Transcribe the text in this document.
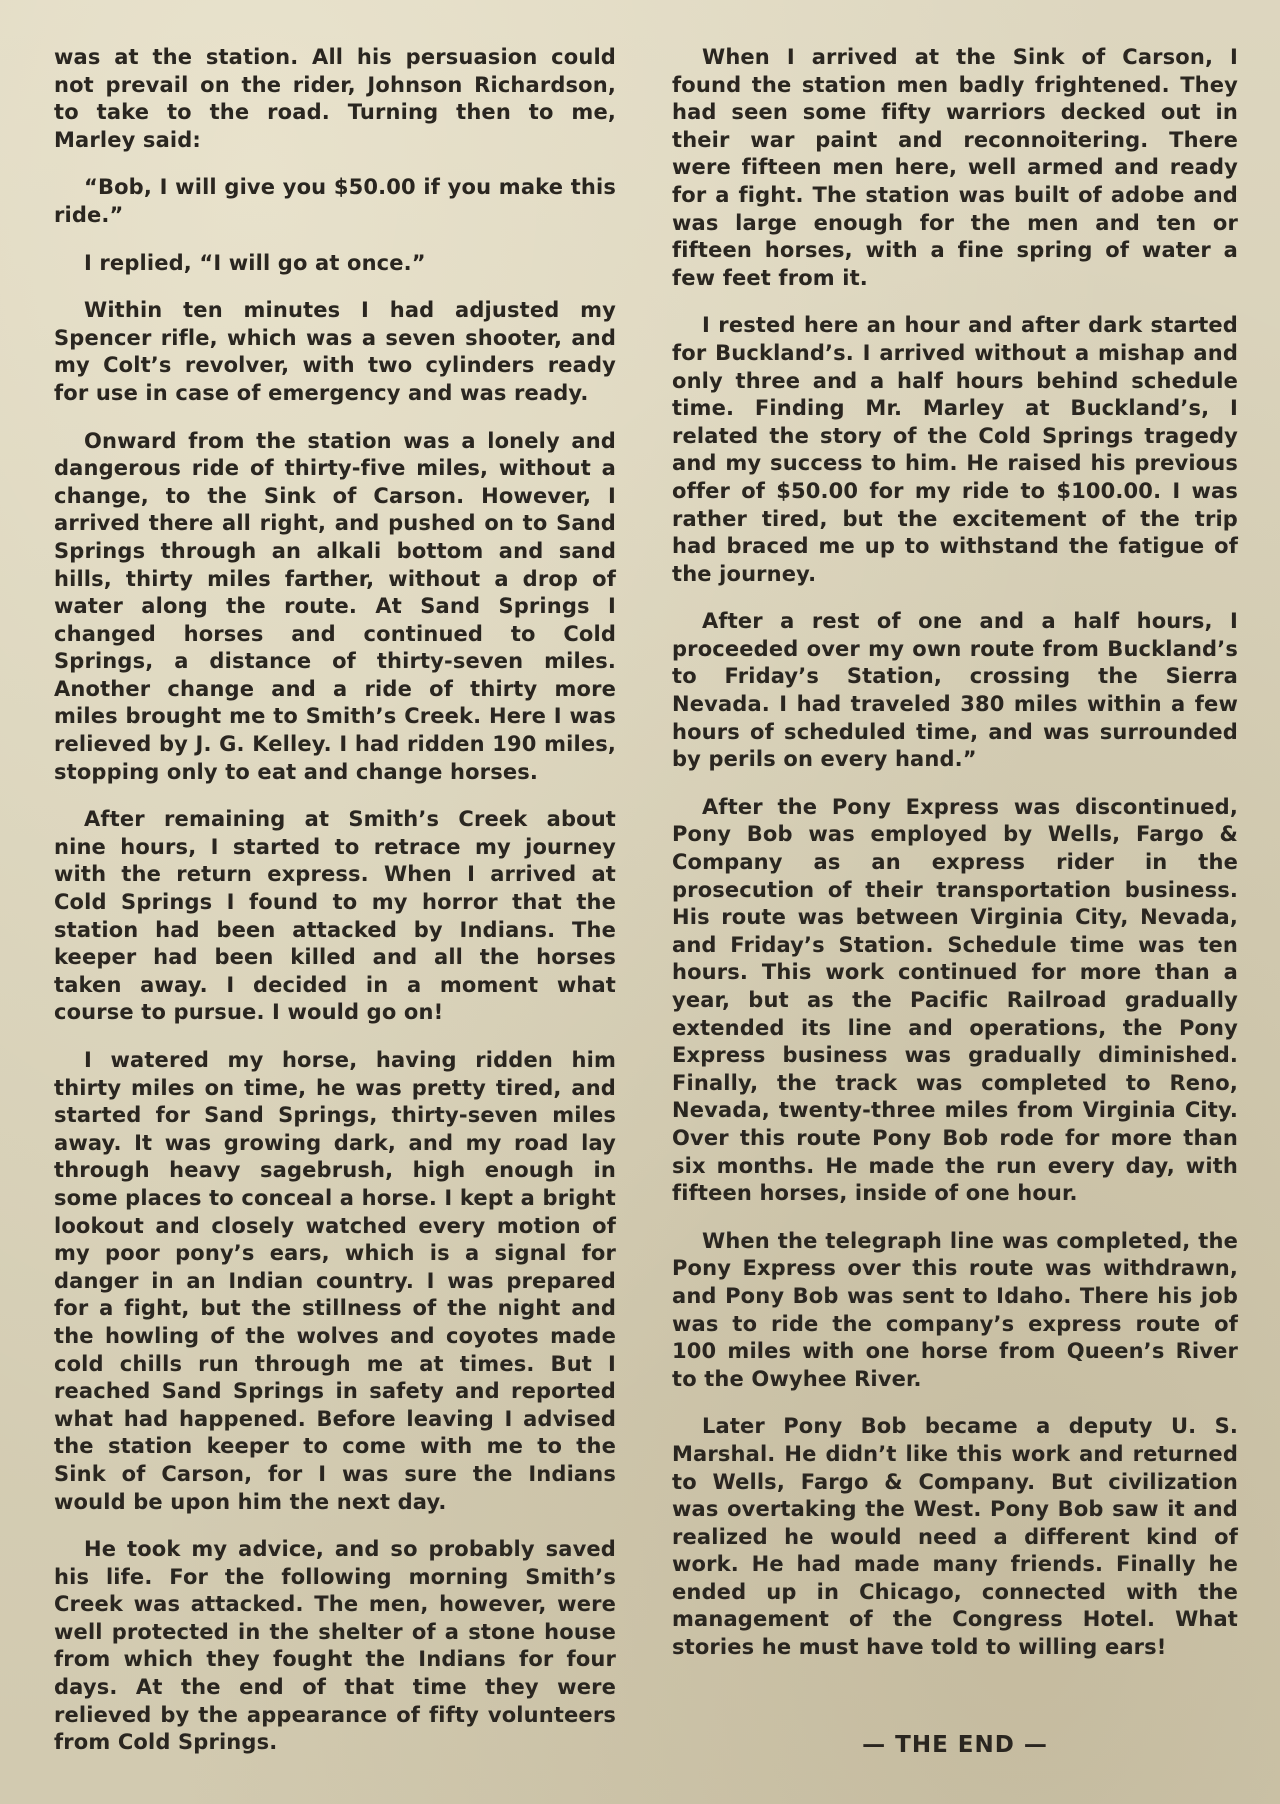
was at the station. All his persuasion could not prevail on the rider, Johnson Richardson, to take to the road. Turning then to me, Marley said:

“Bob, I will give you $50.00 if you make this ride.”

I replied, “I will go at once.”

Within ten minutes I had adjusted my Spencer rifle, which was a seven shooter, and my Colt’s revolver, with two cylinders ready for use in case of emergency and was ready.

Onward from the station was a lonely and dangerous ride of thirty-five miles, without a change, to the Sink of Carson. However, I arrived there all right, and pushed on to Sand Springs through an alkali bottom and sand hills, thirty miles farther, without a drop of water along the route. At Sand Springs I changed horses and continued to Cold Springs, a distance of thirty-seven miles. Another change and a ride of thirty more miles brought me to Smith’s Creek. Here I was relieved by J. G. Kelley. I had ridden 190 miles, stopping only to eat and change horses.

After remaining at Smith’s Creek about nine hours, I started to retrace my journey with the return express. When I arrived at Cold Springs I found to my horror that the station had been attacked by Indians. The keeper had been killed and all the horses taken away. I decided in a moment what course to pursue. I would go on!

I watered my horse, having ridden him thirty miles on time, he was pretty tired, and started for Sand Springs, thirty-seven miles away. It was growing dark, and my road lay through heavy sagebrush, high enough in some places to conceal a horse. I kept a bright lookout and closely watched every motion of my poor pony’s ears, which is a signal for danger in an Indian country. I was prepared for a fight, but the stillness of the night and the howling of the wolves and coyotes made cold chills run through me at times. But I reached Sand Springs in safety and reported what had happened. Before leaving I advised the station keeper to come with me to the Sink of Carson, for I was sure the Indians would be upon him the next day.

He took my advice, and so probably saved his life. For the following morning Smith’s Creek was attacked. The men, however, were well protected in the shelter of a stone house from which they fought the Indians for four days. At the end of that time they were relieved by the appearance of fifty volunteers from Cold Springs.

When I arrived at the Sink of Carson, I found the station men badly frightened. They had seen some fifty warriors decked out in their war paint and reconnoitering. There were fifteen men here, well armed and ready for a fight. The station was built of adobe and was large enough for the men and ten or fifteen horses, with a fine spring of water a few feet from it.

I rested here an hour and after dark started for Buckland’s. I arrived without a mishap and only three and a half hours behind schedule time. Finding Mr. Marley at Buckland’s, I related the story of the Cold Springs tragedy and my success to him. He raised his previous offer of $50.00 for my ride to $100.00. I was rather tired, but the excitement of the trip had braced me up to withstand the fatigue of the journey.

After a rest of one and a half hours, I proceeded over my own route from Buckland’s to Friday’s Station, crossing the Sierra Nevada. I had traveled 380 miles within a few hours of scheduled time, and was surrounded by perils on every hand.”

After the Pony Express was discontinued, Pony Bob was employed by Wells, Fargo & Company as an express rider in the prosecution of their transportation business. His route was between Virginia City, Nevada, and Friday’s Station. Schedule time was ten hours. This work continued for more than a year, but as the Pacific Railroad gradually extended its line and operations, the Pony Express business was gradually diminished. Finally, the track was completed to Reno, Nevada, twenty-three miles from Virginia City. Over this route Pony Bob rode for more than six months. He made the run every day, with fifteen horses, inside of one hour.

When the telegraph line was completed, the Pony Express over this route was withdrawn, and Pony Bob was sent to Idaho. There his job was to ride the company’s express route of 100 miles with one horse from Queen’s River to the Owyhee River.

Later Pony Bob became a deputy U. S. Marshal. He didn’t like this work and returned to Wells, Fargo & Company. But civilization was overtaking the West. Pony Bob saw it and realized he would need a different kind of work. He had made many friends. Finally he ended up in Chicago, connected with the management of the Congress Hotel. What stories he must have told to willing ears!

— THE END —
